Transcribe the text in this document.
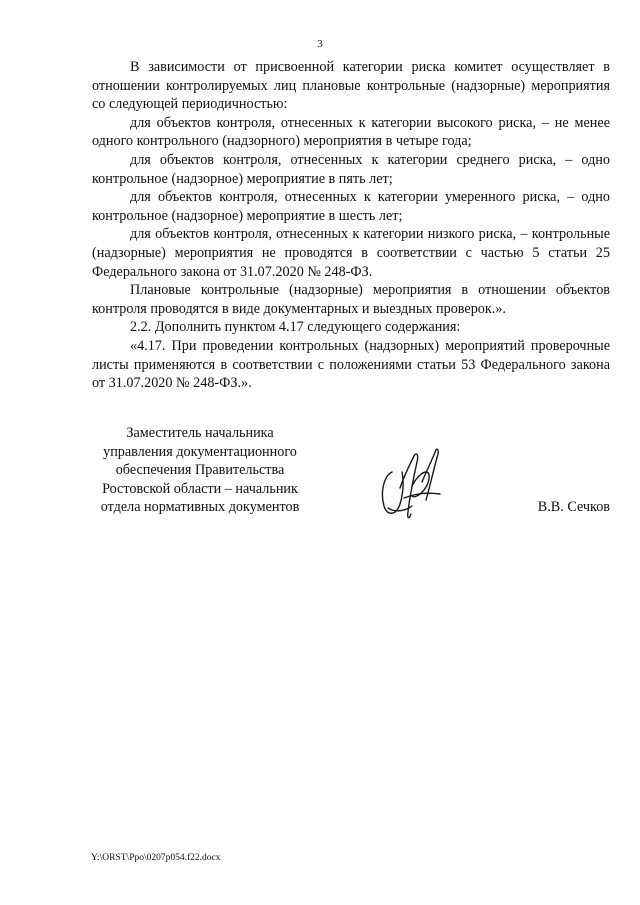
3

В зависимости от присвоенной категории риска комитет осуществляет в отношении контролируемых лиц плановые контрольные (надзорные) мероприятия со следующей периодичностью:

для объектов контроля, отнесенных к категории высокого риска, – не менее одного контрольного (надзорного) мероприятия в четыре года;

для объектов контроля, отнесенных к категории среднего риска, – одно контрольное (надзорное) мероприятие в пять лет;

для объектов контроля, отнесенных к категории умеренного риска, – одно контрольное (надзорное) мероприятие в шесть лет;

для объектов контроля, отнесенных к категории низкого риска, – контрольные (надзорные) мероприятия не проводятся в соответствии с частью 5 статьи 25 Федерального закона от 31.07.2020 № 248-ФЗ.

Плановые контрольные (надзорные) мероприятия в отношении объектов контроля проводятся в виде документарных и выездных проверок.».

2.2. Дополнить пунктом 4.17 следующего содержания:

«4.17. При проведении контрольных (надзорных) мероприятий проверочные листы применяются в соответствии с положениями статьи 53 Федерального закона от 31.07.2020 № 248-ФЗ.».

Заместитель начальника
управления документационного
обеспечения Правительства
Ростовской области – начальник
отдела нормативных документов	В.В. Сечков
Y:\ORST\Ppo\0207p054.f22.docx
